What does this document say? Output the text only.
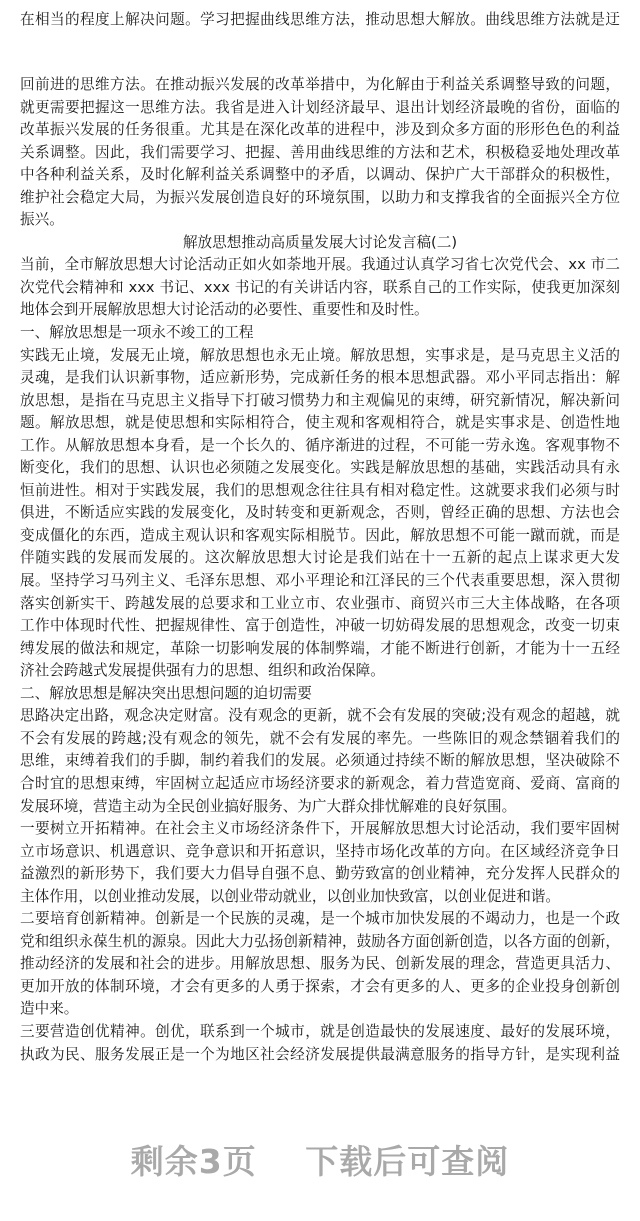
在相当的程度上解决问题。学习把握曲线思维方法，推动思想大解放。曲线思维方法就是迂
回前进的思维方法。在推动振兴发展的改革举措中，为化解由于利益关系调整导致的问题，
就更需要把握这一思维方法。我省是进入计划经济最早、退出计划经济最晚的省份，面临的
改革振兴发展的任务很重。尤其是在深化改革的进程中，涉及到众多方面的形形色色的利益
关系调整。因此，我们需要学习、把握、善用曲线思维的方法和艺术，积极稳妥地处理改革
中各种利益关系，及时化解利益关系调整中的矛盾，以调动、保护广大干部群众的积极性，
维护社会稳定大局，为振兴发展创造良好的环境氛围，以助力和支撑我省的全面振兴全方位
振兴。
解放思想推动高质量发展大讨论发言稿(二)
当前，全市解放思想大讨论活动正如火如荼地开展。我通过认真学习省七次党代会、xx 市二
次党代会精神和 xxx 书记、xxx 书记的有关讲话内容，联系自己的工作实际，使我更加深刻
地体会到开展解放思想大讨论活动的必要性、重要性和及时性。
一、解放思想是一项永不竣工的工程
实践无止境，发展无止境，解放思想也永无止境。解放思想，实事求是，是马克思主义活的
灵魂，是我们认识新事物，适应新形势，完成新任务的根本思想武器。邓小平同志指出：解
放思想，是指在马克思主义指导下打破习惯势力和主观偏见的束缚，研究新情况，解决新问
题。解放思想，就是使思想和实际相符合，使主观和客观相符合，就是实事求是、创造性地
工作。从解放思想本身看，是一个长久的、循序渐进的过程，不可能一劳永逸。客观事物不
断变化，我们的思想、认识也必须随之发展变化。实践是解放思想的基础，实践活动具有永
恒前进性。相对于实践发展，我们的思想观念往往具有相对稳定性。这就要求我们必须与时
俱进，不断适应实践的发展变化，及时转变和更新观念，否则，曾经正确的思想、方法也会
变成僵化的东西，造成主观认识和客观实际相脱节。因此，解放思想不可能一蹴而就，而是
伴随实践的发展而发展的。这次解放思想大讨论是我们站在十一五新的起点上谋求更大发
展。坚持学习马列主义、毛泽东思想、邓小平理论和江泽民的三个代表重要思想，深入贯彻
落实创新实干、跨越发展的总要求和工业立市、农业强市、商贸兴市三大主体战略，在各项
工作中体现时代性、把握规律性、富于创造性，冲破一切妨碍发展的思想观念，改变一切束
缚发展的做法和规定，革除一切影响发展的体制弊端，才能不断进行创新，才能为十一五经
济社会跨越式发展提供强有力的思想、组织和政治保障。
二、解放思想是解决突出思想问题的迫切需要
思路决定出路，观念决定财富。没有观念的更新，就不会有发展的突破;没有观念的超越，就
不会有发展的跨越;没有观念的领先，就不会有发展的率先。一些陈旧的观念禁锢着我们的
思维，束缚着我们的手脚，制约着我们的发展。必须通过持续不断的解放思想，坚决破除不
合时宜的思想束缚，牢固树立起适应市场经济要求的新观念，着力营造宽商、爱商、富商的
发展环境，营造主动为全民创业搞好服务、为广大群众排忧解难的良好氛围。
一要树立开拓精神。在社会主义市场经济条件下，开展解放思想大讨论活动，我们要牢固树
立市场意识、机遇意识、竞争意识和开拓意识，坚持市场化改革的方向。在区域经济竞争日
益激烈的新形势下，我们要大力倡导自强不息、勤劳致富的创业精神，充分发挥人民群众的
主体作用，以创业推动发展，以创业带动就业，以创业加快致富，以创业促进和谐。
二要培育创新精神。创新是一个民族的灵魂，是一个城市加快发展的不竭动力，也是一个政
党和组织永葆生机的源泉。因此大力弘扬创新精神，鼓励各方面创新创造，以各方面的创新，
推动经济的发展和社会的进步。用解放思想、服务为民、创新发展的理念，营造更具活力、
更加开放的体制环境，才会有更多的人勇于探索，才会有更多的人、更多的企业投身创新创
造中来。
三要营造创优精神。创优，联系到一个城市，就是创造最快的发展速度、最好的发展环境，
执政为民、服务发展正是一个为地区社会经济发展提供最满意服务的指导方针，是实现利益
剩余3页 下载后可查阅
